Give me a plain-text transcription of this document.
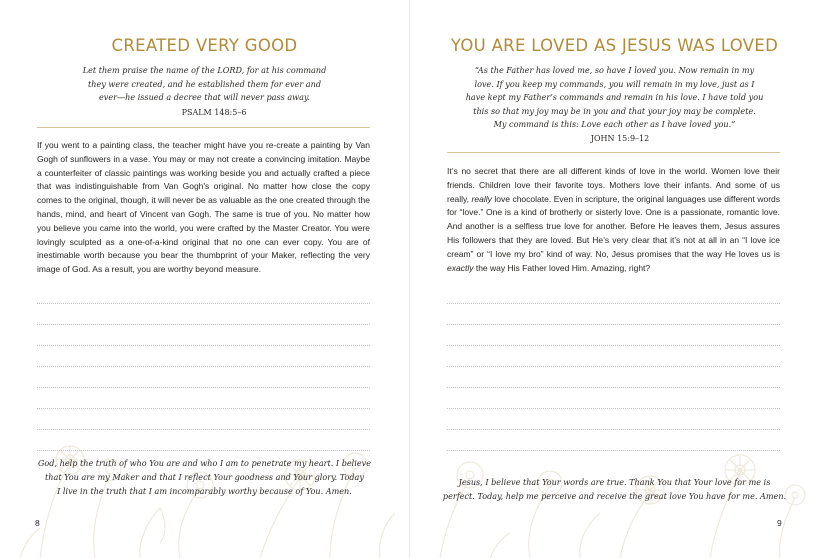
CREATED VERY GOOD
Let them praise the name of the LORD, for at his command
they were created, and he established them for ever and
ever—he issued a decree that will never pass away.
PSALM 148:5–6
If you went to a painting class, the teacher might have you re-create a painting by Van Gogh of sunflowers in a vase. You may or may not create a convincing imitation. Maybe a counterfeiter of classic paintings was working beside you and actually crafted a piece that was indistinguishable from Van Gogh's original. No matter how close the copy comes to the original, though, it will never be as valuable as the one created through the hands, mind, and heart of Vincent van Gogh. The same is true of you. No matter how you believe you came into the world, you were crafted by the Master Creator. You were lovingly sculpted as a one-of-a-kind original that no one can ever copy. You are of inestimable worth because you bear the thumbprint of your Maker, reflecting the very image of God. As a result, you are worthy beyond measure.
God, help the truth of who You are and who I am to penetrate my heart. I believe
that You are my Maker and that I reflect Your goodness and Your glory. Today
I live in the truth that I am incomparably worthy because of You. Amen.
8
YOU ARE LOVED AS JESUS WAS LOVED
“As the Father has loved me, so have I loved you. Now remain in my
love. If you keep my commands, you will remain in my love, just as I
have kept my Father’s commands and remain in his love. I have told you
this so that my joy may be in you and that your joy may be complete.
My command is this: Love each other as I have loved you.”
JOHN 15:9–12
It’s no secret that there are all different kinds of love in the world. Women love their friends. Children love their favorite toys. Mothers love their infants. And some of us really, really love chocolate. Even in scripture, the original languages use different words for “love.” One is a kind of brotherly or sisterly love. One is a passionate, romantic love. And another is a selfless true love for another. Before He leaves them, Jesus assures His followers that they are loved. But He’s very clear that it’s not at all in an “I love ice cream” or “I love my bro” kind of way. No, Jesus promises that the way He loves us is exactly the way His Father loved Him. Amazing, right?
Jesus, I believe that Your words are true. Thank You that Your love for me is
perfect. Today, help me perceive and receive the great love You have for me. Amen.
9
